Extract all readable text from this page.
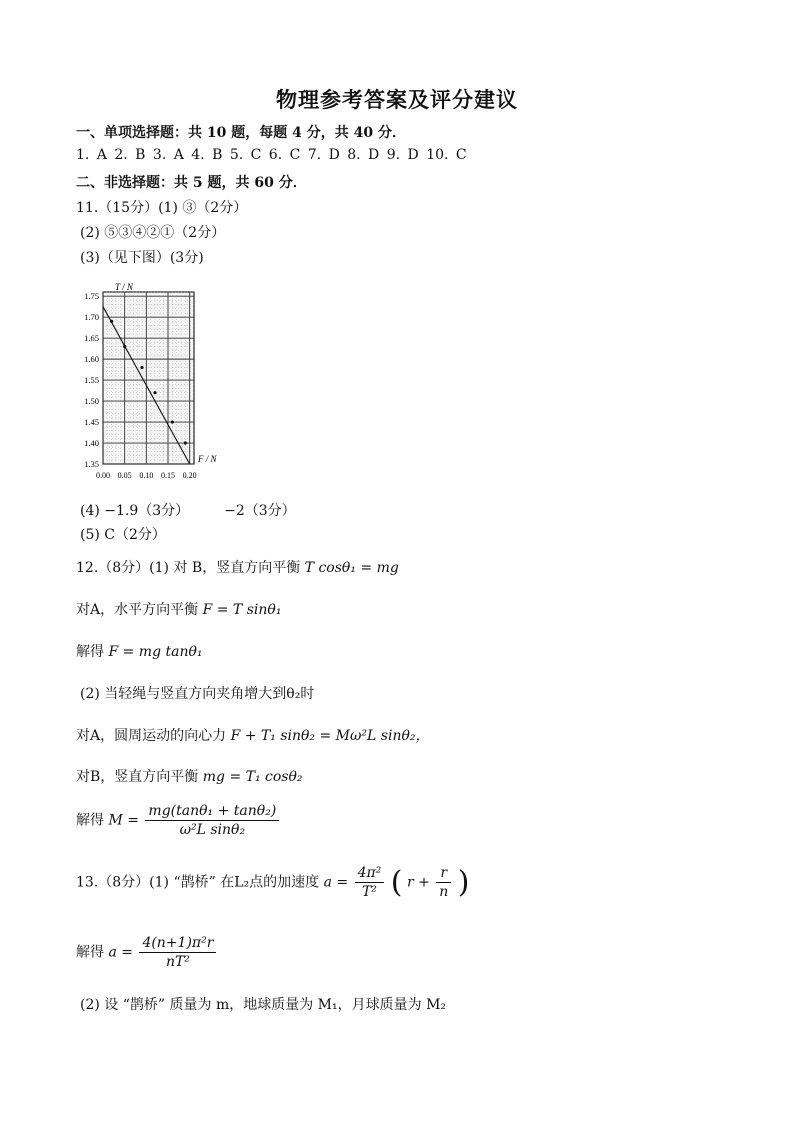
物理参考答案及评分建议
一、单项选择题：共 10 题，每题 4 分，共 40 分．
1. A 2. B 3. A 4. B 5. C 6. C 7. D 8. D 9. D 10. C
二、非选择题：共 5 题，共 60 分．
11.（15分）(1) ③（2分）
(2) ⑤③④②①（2分）
(3)（见下图）(3分)
0.00 0.05 0.10 0.15 0.20
1.75
1.70
1.65
1.60
1.55
1.50
1.45
1.40
1.35
T / N
F / N
(4) −1.9（3分） −2（3分）
(5) C（2分）
12.（8分）(1) 对 B，竖直方向平衡 T cosθ₁ = mg
对A，水平方向平衡 F = T sinθ₁
解得 F = mg tanθ₁
(2) 当轻绳与竖直方向夹角增大到θ₂时
对A，圆周运动的向心力 F + T₁ sinθ₂ = Mω²L sinθ₂，
对B，竖直方向平衡 mg = T₁ cosθ₂
解得 $M = \frac{\text{mg(tanθ₁ + tanθ₂)}}{\text{ω²L sinθ₂}}$
13.（8分）(1) “鹊桥” 在L₂点的加速度 $a = \frac{\text{4π²}}{\text{T²}}$ ( $r + \frac{r}{n}$ )
解得 $a = \frac{\text{4(n+1)π²r}}{\text{nT²}}$
(2) 设 “鹊桥” 质量为 m，地球质量为 M₁，月球质量为 M₂
